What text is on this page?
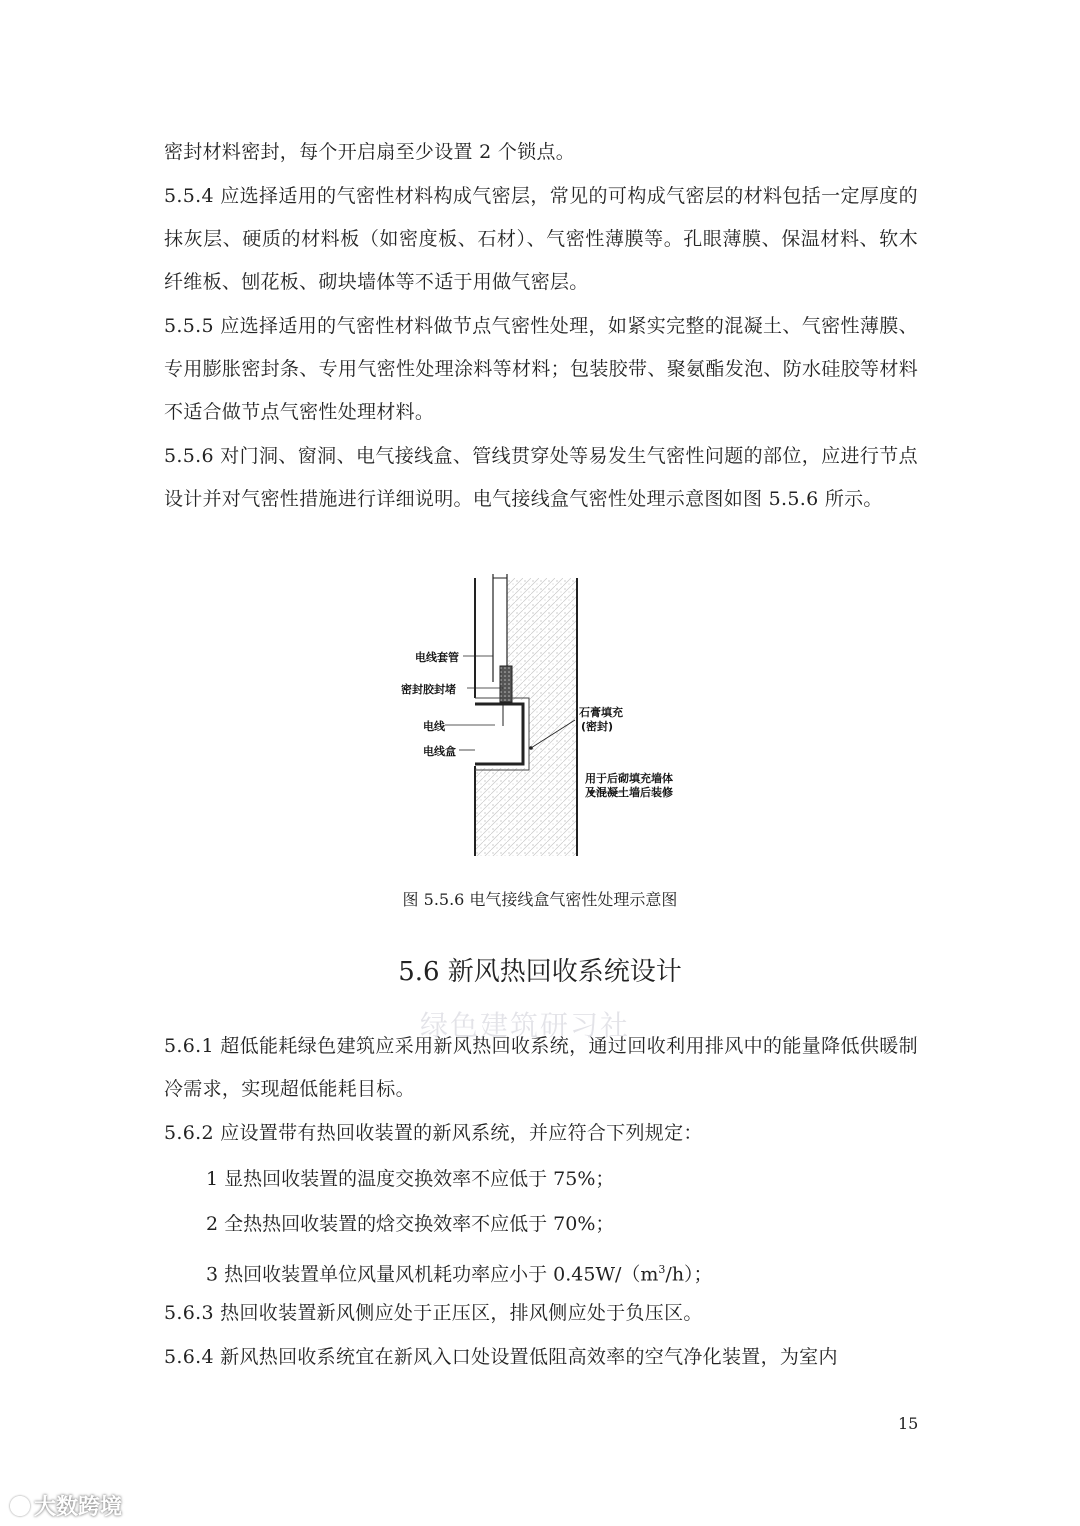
密封材料密封，每个开启扇至少设置 2 个锁点。

5.5.4 应选择适用的气密性材料构成气密层，常见的可构成气密层的材料包括一定厚度的抹灰层、硬质的材料板（如密度板、石材）、气密性薄膜等。孔眼薄膜、保温材料、软木纤维板、刨花板、砌块墙体等不适于用做气密层。

5.5.5 应选择适用的气密性材料做节点气密性处理，如紧实完整的混凝土、气密性薄膜、专用膨胀密封条、专用气密性处理涂料等材料；包装胶带、聚氨酯发泡、防水硅胶等材料不适合做节点气密性处理材料。

5.5.6 对门洞、窗洞、电气接线盒、管线贯穿处等易发生气密性问题的部位，应进行节点设计并对气密性措施进行详细说明。电气接线盒气密性处理示意图如图 5.5.6 所示。

电线套管
密封胶封堵
电线
电线盒
石膏填充
(密封)
用于后砌填充墙体
及混凝土墙后装修

图 5.5.6 电气接线盒气密性处理示意图

5.6 新风热回收系统设计
绿色建筑研习社

5.6.1 超低能耗绿色建筑应采用新风热回收系统，通过回收利用排风中的能量降低供暖制冷需求，实现超低能耗目标。

5.6.2 应设置带有热回收装置的新风系统，并应符合下列规定：

1 显热回收装置的温度交换效率不应低于 75%；

2 全热热回收装置的焓交换效率不应低于 70%；

3 热回收装置单位风量风机耗功率应小于 $0.45W/(m^3/h)$；

5.6.3 热回收装置新风侧应处于正压区，排风侧应处于负压区。

5.6.4 新风热回收系统宜在新风入口处设置低阻高效率的空气净化装置，为室内

15
大数跨境
